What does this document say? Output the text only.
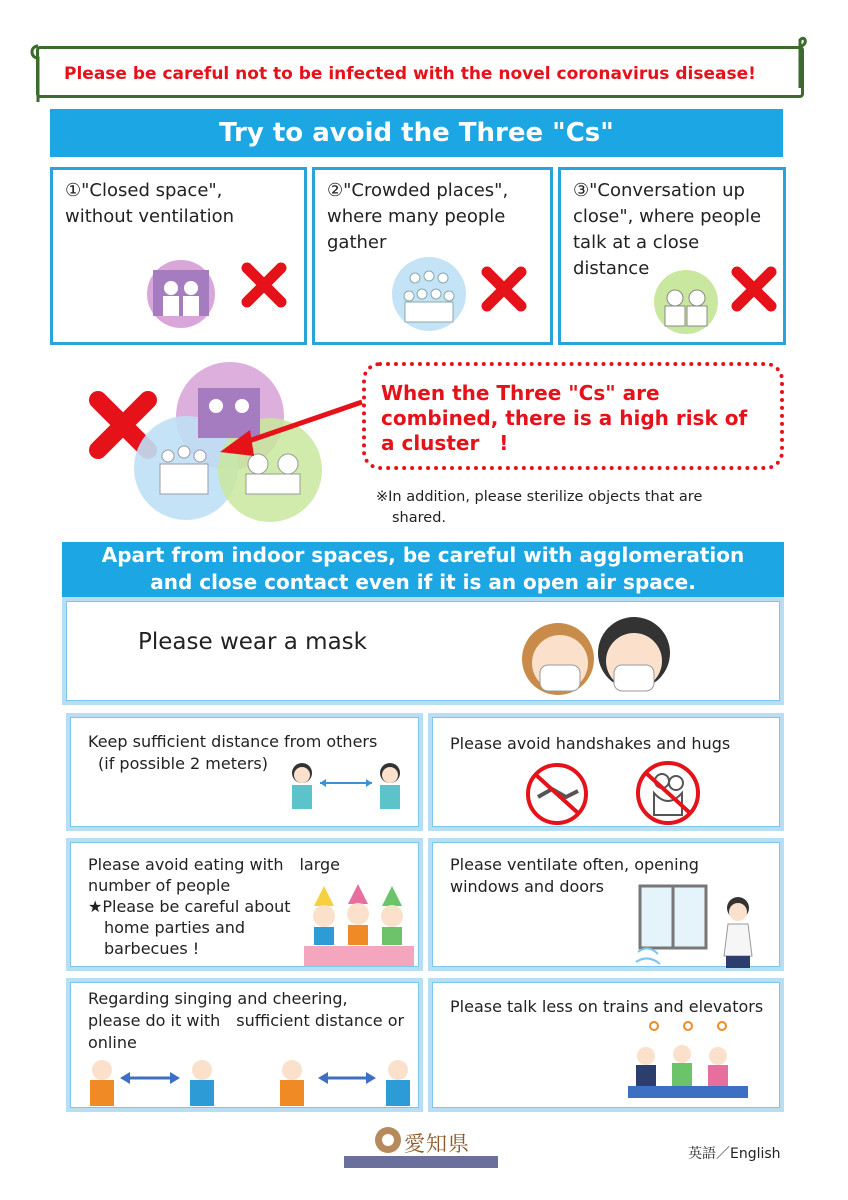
Please be careful not to be infected with the novel coronavirus disease!
Try to avoid the Three "Cs"
①"Closed space",
without ventilation
②"Crowded places",
where many people
gather
③"Conversation up
close", where people
talk at a close
distance
When the Three "Cs" are
combined, there is a high risk of
a cluster　!
※In addition, please sterilize objects that are
shared.
Apart from indoor spaces, be careful with agglomeration
and close contact even if it is an open air space.
Please wear a mask
Keep sufficient distance from others
(if possible 2 meters)
Please avoid handshakes and hugs
Please avoid eating with　large
number of people
★Please be careful about
home parties and
barbecues !
Please ventilate often, opening
windows and doors
Regarding singing and cheering,
please do it with　sufficient distance or
online
Please talk less on trains and elevators
愛知県	英語／English
